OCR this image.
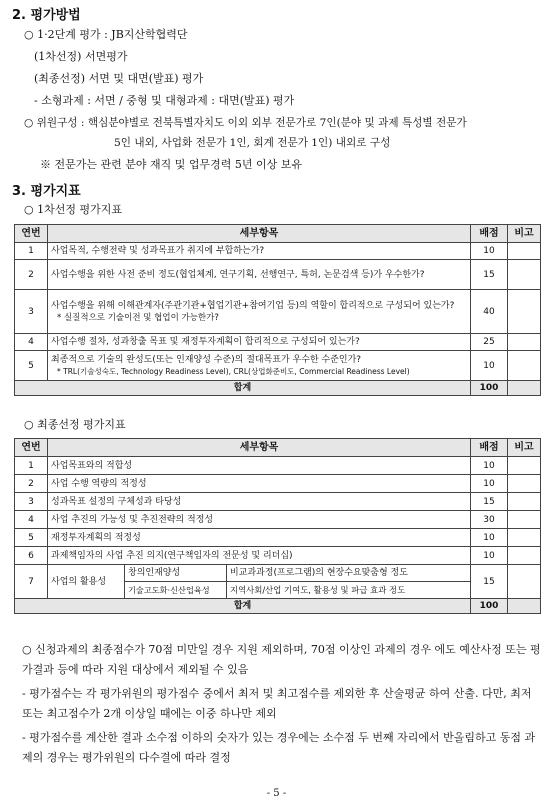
2. 평가방법
○ 1·2단계 평가 : JB지산학협력단
(1차선정) 서면평가
(최종선정) 서면 및 대면(발표) 평가
- 소형과제 : 서면 / 중형 및 대형과제 : 대면(발표) 평가
○ 위원구성 : 핵심분야별로 전북특별자치도 이외 외부 전문가로 7인(분야 및 과제 특성별 전문가
5인 내외, 사업화 전문가 1인, 회계 전문가 1인) 내외로 구성
※ 전문가는 관련 분야 재직 및 업무경력 5년 이상 보유
3. 평가지표
○ 1차선정 평가지표
연번	세부항목	배점	비고
1	사업목적, 수행전략 및 성과목표가 취지에 부합하는가?	10	
2	사업수행을 위한 사전 준비 정도(협업체계, 연구기획, 선행연구, 특허, 논문검색 등)가 우수한가?	15	
3	사업수행을 위해 이해관계자(주관기관+협업기관+참여기업 등)의 역할이 합리적으로 구성되어 있는가?
* 실질적으로 기술이전 및 협업이 가능한가?	40	
4	사업수행 절차, 성과창출 목표 및 재정투자계획이 합리적으로 구성되어 있는가?	25	
5	최종적으로 기술의 완성도(또는 인재양성 수준)의 절대목표가 우수한 수준인가?
* TRL(기술성숙도, Technology Readiness Level), CRL(상업화준비도, Commercial Readiness Level)	10	
합계		100	
○ 최종선정 평가지표
연번	세부항목			배점	비고
1	사업목표와의 적합성			10	
2	사업 수행 역량의 적정성			10	
3	성과목표 설정의 구체성과 타당성			15	
4	사업 추진의 가능성 및 추진전략의 적정성			30	
5	재정투자계획의 적정성			10	
6	과제책임자의 사업 추진 의지(연구책임자의 전문성 및 리더십)			10	
7	사업의 활용성	창의인재양성	비교과과정(프로그램)의 현장수요맞춤형 정도	15	
		기술고도화·신산업육성	지역사회/산업 기여도, 활용성 및 파급 효과 정도		
합계				100	
○ 신청과제의 최종점수가 70점 미만일 경우 지원 제외하며, 70점 이상인 과제의 경우 에도 예산사정 또는 평가결과 등에 따라 지원 대상에서 제외될 수 있음
- 평가점수는 각 평가위원의 평가점수 중에서 최저 및 최고점수를 제외한 후 산술평균 하여 산출. 다만, 최저 또는 최고점수가 2개 이상일 때에는 이중 하나만 제외
- 평가점수를 계산한 결과 소수점 이하의 숫자가 있는 경우에는 소수점 두 번째 자리에서 반올림하고 동점 과제의 경우는 평가위원의 다수결에 따라 결정
- 5 -
